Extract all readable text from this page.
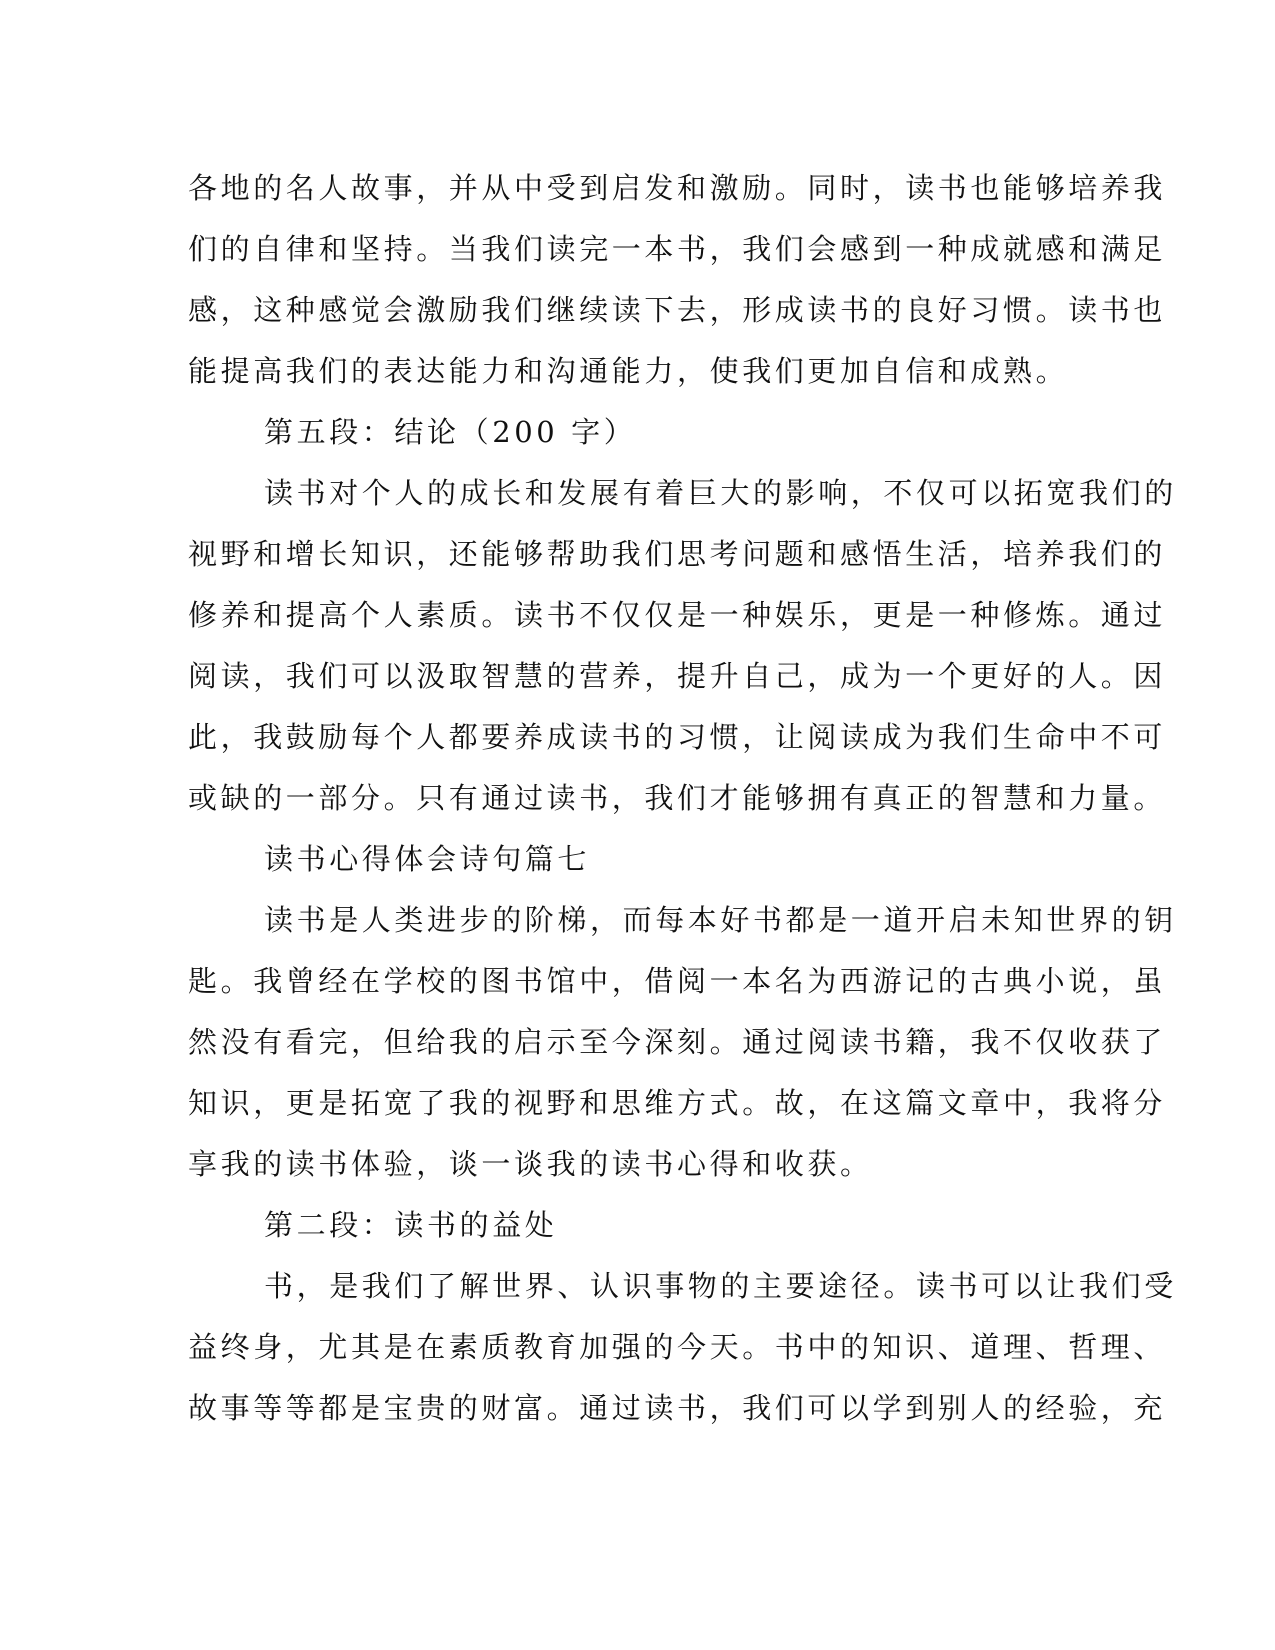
各地的名人故事，并从中受到启发和激励。同时，读书也能够培养我
们的自律和坚持。当我们读完一本书，我们会感到一种成就感和满足
感，这种感觉会激励我们继续读下去，形成读书的良好习惯。读书也
能提高我们的表达能力和沟通能力，使我们更加自信和成熟。
第五段：结论（200 字）
读书对个人的成长和发展有着巨大的影响，不仅可以拓宽我们的
视野和增长知识，还能够帮助我们思考问题和感悟生活，培养我们的
修养和提高个人素质。读书不仅仅是一种娱乐，更是一种修炼。通过
阅读，我们可以汲取智慧的营养，提升自己，成为一个更好的人。因
此，我鼓励每个人都要养成读书的习惯，让阅读成为我们生命中不可
或缺的一部分。只有通过读书，我们才能够拥有真正的智慧和力量。
读书心得体会诗句篇七
读书是人类进步的阶梯，而每本好书都是一道开启未知世界的钥
匙。我曾经在学校的图书馆中，借阅一本名为西游记的古典小说，虽
然没有看完，但给我的启示至今深刻。通过阅读书籍，我不仅收获了
知识，更是拓宽了我的视野和思维方式。故，在这篇文章中，我将分
享我的读书体验，谈一谈我的读书心得和收获。
第二段：读书的益处
书，是我们了解世界、认识事物的主要途径。读书可以让我们受
益终身，尤其是在素质教育加强的今天。书中的知识、道理、哲理、
故事等等都是宝贵的财富。通过读书，我们可以学到别人的经验，充
